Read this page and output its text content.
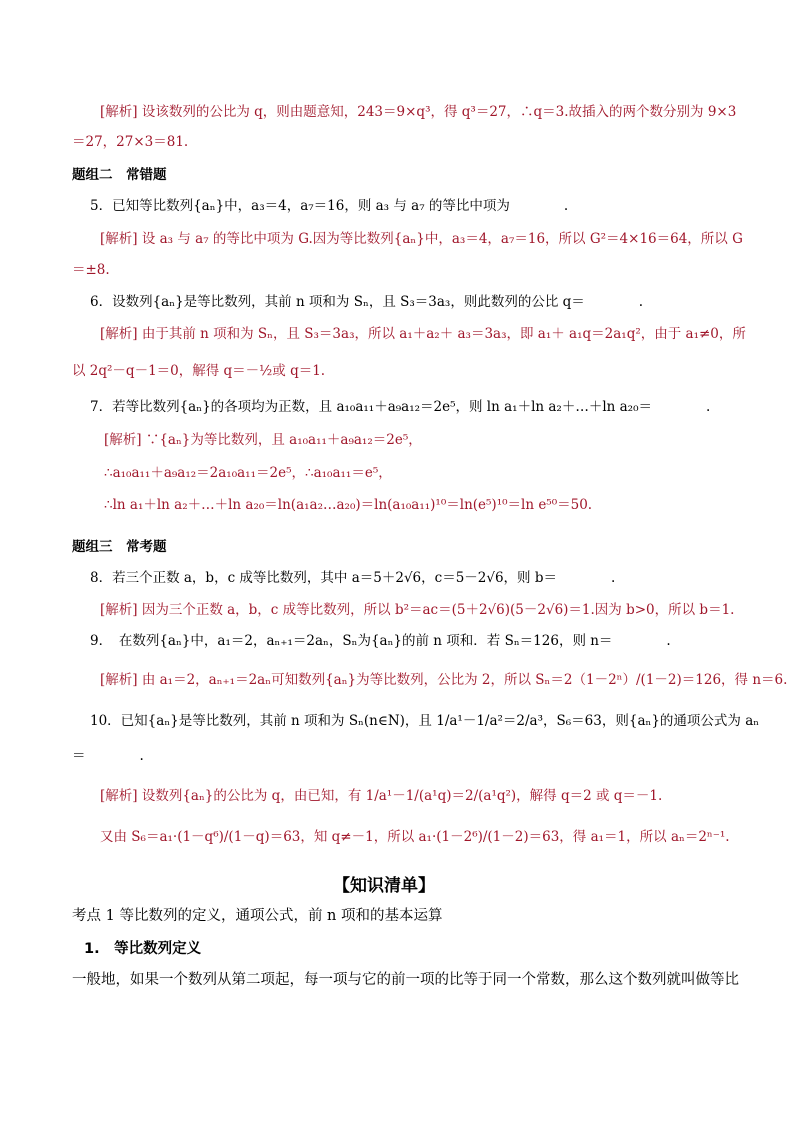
[解析] 设该数列的公比为 q，则由题意知，243＝9×q³，得 q³＝27，∴q＝3.故插入的两个数分别为 9×3
＝27，27×3＝81.
题组二　常错题
5．已知等比数列{aₙ}中，a₃＝4，a₇＝16，则 a₃ 与 a₇ 的等比中项为　　　　.
[解析] 设 a₃ 与 a₇ 的等比中项为 G.因为等比数列{aₙ}中，a₃＝4，a₇＝16，所以 G²＝4×16＝64，所以 G
＝±8.
6．设数列{aₙ}是等比数列，其前 n 项和为 Sₙ，且 S₃＝3a₃，则此数列的公比 q＝　　　　.
[解析] 由于其前 n 项和为 Sₙ，且 S₃＝3a₃，所以 a₁＋a₂＋ a₃＝3a₃，即 a₁＋ a₁q＝2a₁q²，由于 a₁≠0，所
以 2q²－q－1＝0，解得 q＝－½或 q＝1.
7．若等比数列{aₙ}的各项均为正数，且 a₁₀a₁₁＋a₉a₁₂＝2e⁵，则 ln a₁＋ln a₂＋…＋ln a₂₀＝　　　　.
[解析] ∵{aₙ}为等比数列，且 a₁₀a₁₁＋a₉a₁₂＝2e⁵，
∴a₁₀a₁₁＋a₉a₁₂＝2a₁₀a₁₁＝2e⁵，∴a₁₀a₁₁＝e⁵，
∴ln a₁＋ln a₂＋…＋ln a₂₀＝ln(a₁a₂…a₂₀)＝ln(a₁₀a₁₁)¹⁰＝ln(e⁵)¹⁰＝ln e⁵⁰＝50.
题组三　常考题
8．若三个正数 a，b，c 成等比数列，其中 a＝5＋2√6，c＝5－2√6，则 b＝　　　　.
[解析] 因为三个正数 a，b，c 成等比数列，所以 b²＝ac＝(5＋2√6)(5－2√6)＝1.因为 b>0，所以 b＝1.
9．　在数列{aₙ}中，a₁＝2，aₙ₊₁＝2aₙ，Sₙ为{aₙ}的前 n 项和．若 Sₙ＝126，则 n＝　　　　.
[解析] 由 a₁＝2，aₙ₊₁＝2aₙ可知数列{aₙ}为等比数列，公比为 2，所以 Sₙ＝2（1－2ⁿ）/(1－2)＝126，得 n＝6.
10．已知{aₙ}是等比数列，其前 n 项和为 Sₙ(n∈N)，且 1/a¹－1/a²＝2/a³，S₆＝63，则{aₙ}的通项公式为 aₙ
＝　　　　.
[解析] 设数列{aₙ}的公比为 q，由已知，有 1/a¹－1/(a¹q)＝2/(a¹q²)，解得 q＝2 或 q＝－1.
又由 S₆＝a₁·(1－q⁶)/(1－q)＝63，知 q≠－1，所以 a₁·(1－2⁶)/(1－2)＝63，得 a₁＝1，所以 aₙ＝2ⁿ⁻¹.
【知识清单】
考点 1 等比数列的定义，通项公式，前 n 项和的基本运算
1.　等比数列定义
一般地，如果一个数列从第二项起，每一项与它的前一项的比等于同一个常数，那么这个数列就叫做等比
